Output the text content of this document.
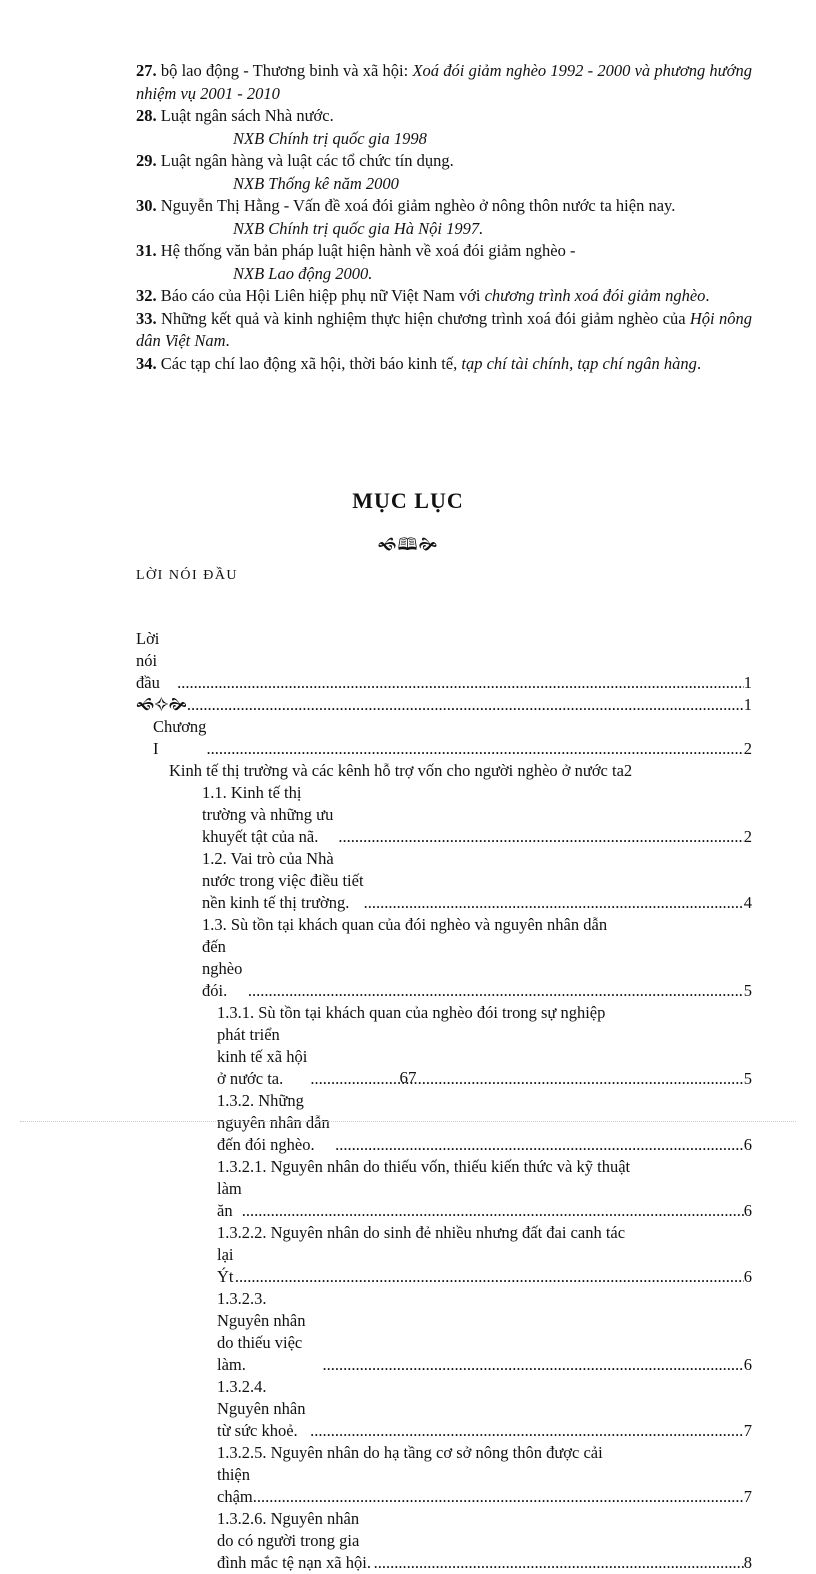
27. bộ lao động - Thương binh và xã hội: Xoá đói giảm nghèo 1992 - 2000 và phương hướng nhiệm vụ 2001 - 2010

28. Luật ngân sách Nhà nước.

NXB Chính trị quốc gia 1998

29. Luật ngân hàng và luật các tổ chức tín dụng.

NXB Thống kê năm 2000

30. Nguyễn Thị Hằng - Vấn đề xoá đói giảm nghèo ở nông thôn nước ta hiện nay.

NXB Chính trị quốc gia Hà Nội 1997.

31. Hệ thống văn bản pháp luật hiện hành về xoá đói giảm nghèo -

NXB Lao động 2000.

32. Báo cáo của Hội Liên hiệp phụ nữ Việt Nam với chương trình xoá đói giảm nghèo.

33. Những kết quả và kinh nghiệm thực hiện chương trình xoá đói giảm nghèo của Hội nông dân Việt Nam.

34. Các tạp chí lao động xã hội, thời báo kinh tế, tạp chí tài chính, tạp chí ngân hàng.

MỤC LỤC
🙜🕮🙞
LỜI NÓI ĐẦU
Lời nói đầu .....	1
🙜✧🙞 .....	1
Chương I .....	2
Kinh tế thị trường và các kênh hỗ trợ vốn cho người nghèo ở nước ta 2
1.1. Kinh tế thị trường và những ưu khuyết tật của nã. .....	2
1.2. Vai trò của Nhà nước trong việc điều tiết nền kinh tế thị trường. .....	4
1.3. Sù tồn tại khách quan của đói nghèo và nguyên nhân dẫn
đến nghèo đói. .....	5
1.3.1. Sù tồn tại khách quan của nghèo đói trong sự nghiệp
phát triển kinh tế xã hội ở nước ta. .....	5
1.3.2. Những nguyên nhân dẫn đến đói nghèo. .....	6
1.3.2.1. Nguyên nhân do thiếu vốn, thiếu kiến thức và kỹ thuật
làm ăn .....	6
1.3.2.2. Nguyên nhân do sinh đẻ nhiều nhưng đất đai canh tác
lại Ýt .....	6
1.3.2.3. Nguyên nhân do thiếu việc làm. .....	6
1.3.2.4. Nguyên nhân từ sức khoẻ. .....	7
1.3.2.5. Nguyên nhân do hạ tầng cơ sở nông thôn được cải
thiện chậm. .....	7
1.3.2.6. Nguyên nhân do có người trong gia đình mắc tệ nạn xã hội. .....	8
67
